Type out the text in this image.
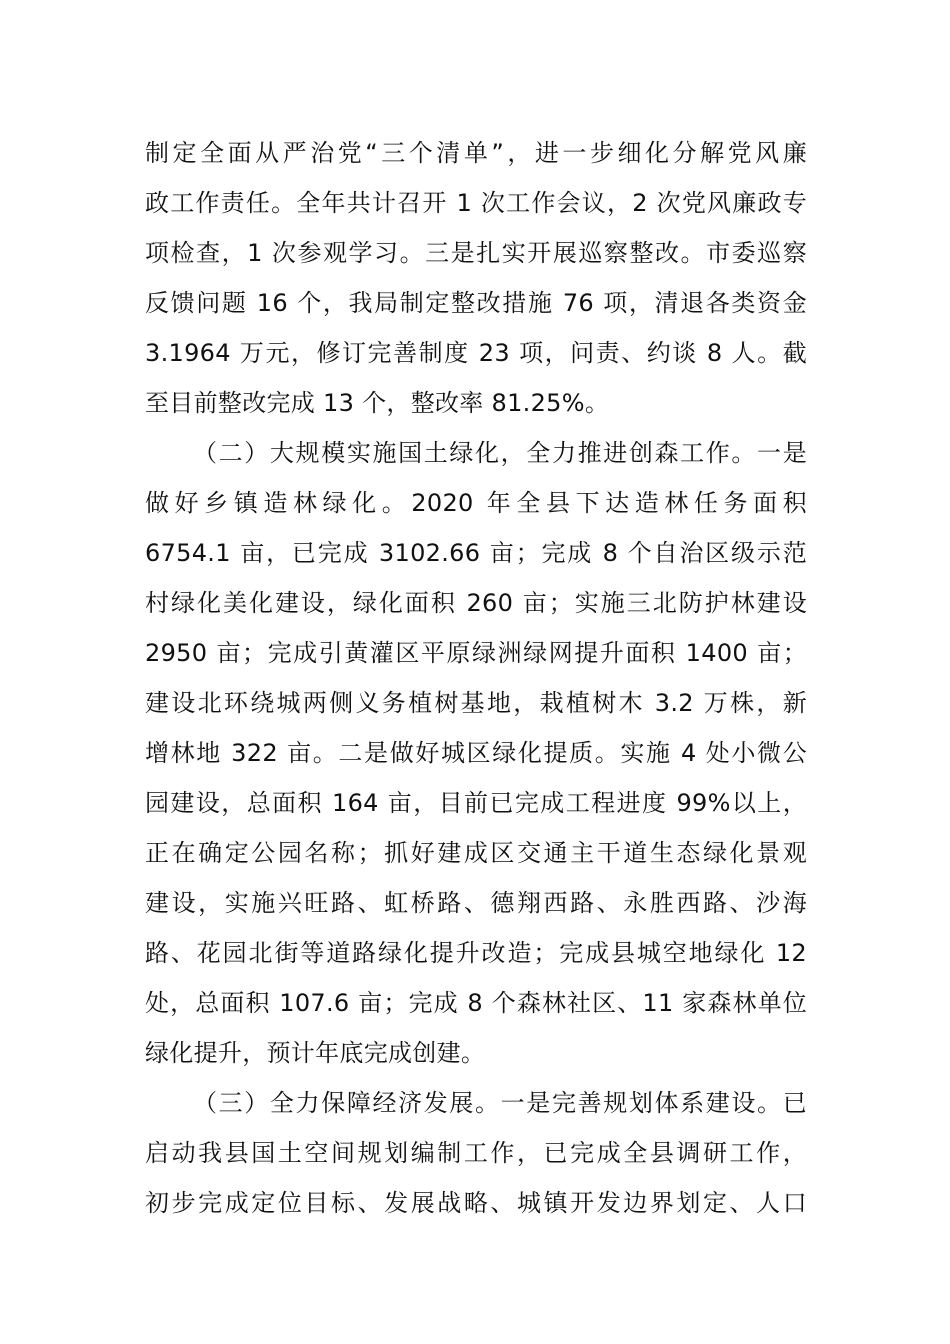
制定全面从严治党“三个清单”，进一步细化分解党风廉
政工作责任。全年共计召开 1 次工作会议，2 次党风廉政专
项检查，1 次参观学习。三是扎实开展巡察整改。市委巡察
反馈问题 16 个，我局制定整改措施 76 项，清退各类资金
3.1964 万元，修订完善制度 23 项，问责、约谈 8 人。截
至目前整改完成 13 个，整改率 81.25%。
（二）大规模实施国土绿化，全力推进创森工作。一是
做好乡镇造林绿化。2020 年全县下达造林任务面积
6754.1 亩，已完成 3102.66 亩；完成 8 个自治区级示范
村绿化美化建设，绿化面积 260 亩；实施三北防护林建设
2950 亩；完成引黄灌区平原绿洲绿网提升面积 1400 亩；
建设北环绕城两侧义务植树基地，栽植树木 3.2 万株，新
增林地 322 亩。二是做好城区绿化提质。实施 4 处小微公
园建设，总面积 164 亩，目前已完成工程进度 99%以上，
正在确定公园名称；抓好建成区交通主干道生态绿化景观
建设，实施兴旺路、虹桥路、德翔西路、永胜西路、沙海
路、花园北街等道路绿化提升改造；完成县城空地绿化 12
处，总面积 107.6 亩；完成 8 个森林社区、11 家森林单位
绿化提升，预计年底完成创建。
（三）全力保障经济发展。一是完善规划体系建设。已
启动我县国土空间规划编制工作，已完成全县调研工作，
初步完成定位目标、发展战略、城镇开发边界划定、人口
